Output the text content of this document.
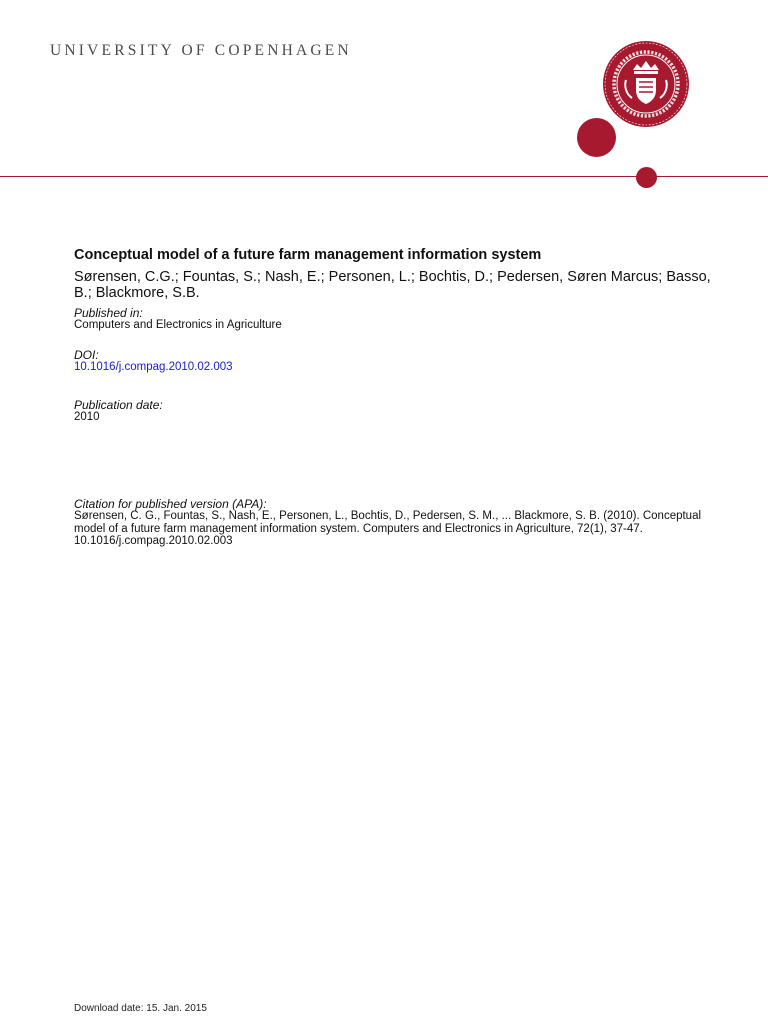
UNIVERSITY OF COPENHAGEN
Conceptual model of a future farm management information system
Sørensen, C.G.; Fountas, S.; Nash, E.; Personen, L.; Bochtis, D.; Pedersen, Søren Marcus; Basso, B.; Blackmore, S.B.
Published in:
Computers and Electronics in Agriculture
DOI:
10.1016/j.compag.2010.02.003
Publication date:
2010
Citation for published version (APA):
Sørensen, C. G., Fountas, S., Nash, E., Personen, L., Bochtis, D., Pedersen, S. M., ... Blackmore, S. B. (2010). Conceptual model of a future farm management information system. Computers and Electronics in Agriculture, 72(1), 37-47. 10.1016/j.compag.2010.02.003
Download date: 15. Jan. 2015
